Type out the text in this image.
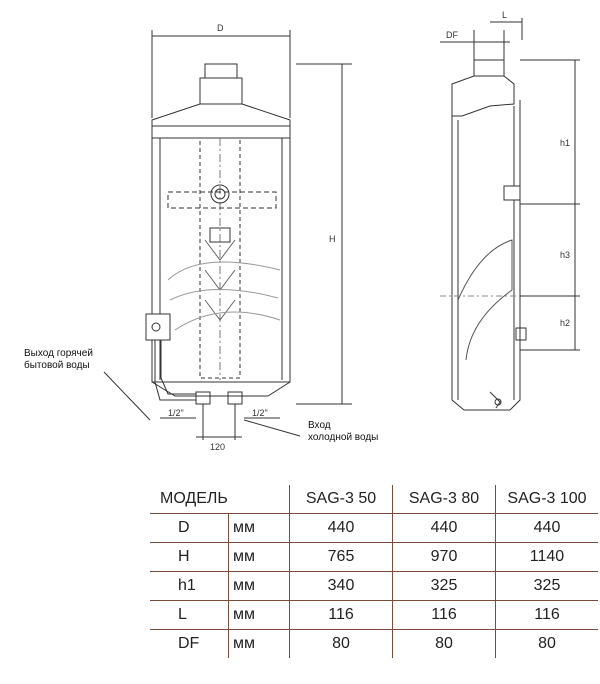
D
H
DF
L
h1
h3
h2
1/2"	1/2"
120
Выход горячей
бытовой воды
Вход
холодной воды
МОДЕЛЬ		SAG-3 50	SAG-3 80	SAG-3 100
D	мм	440	440	440
H	мм	765	970	1140
h1	мм	340	325	325
L	мм	116	116	116
DF	мм	80	80	80
